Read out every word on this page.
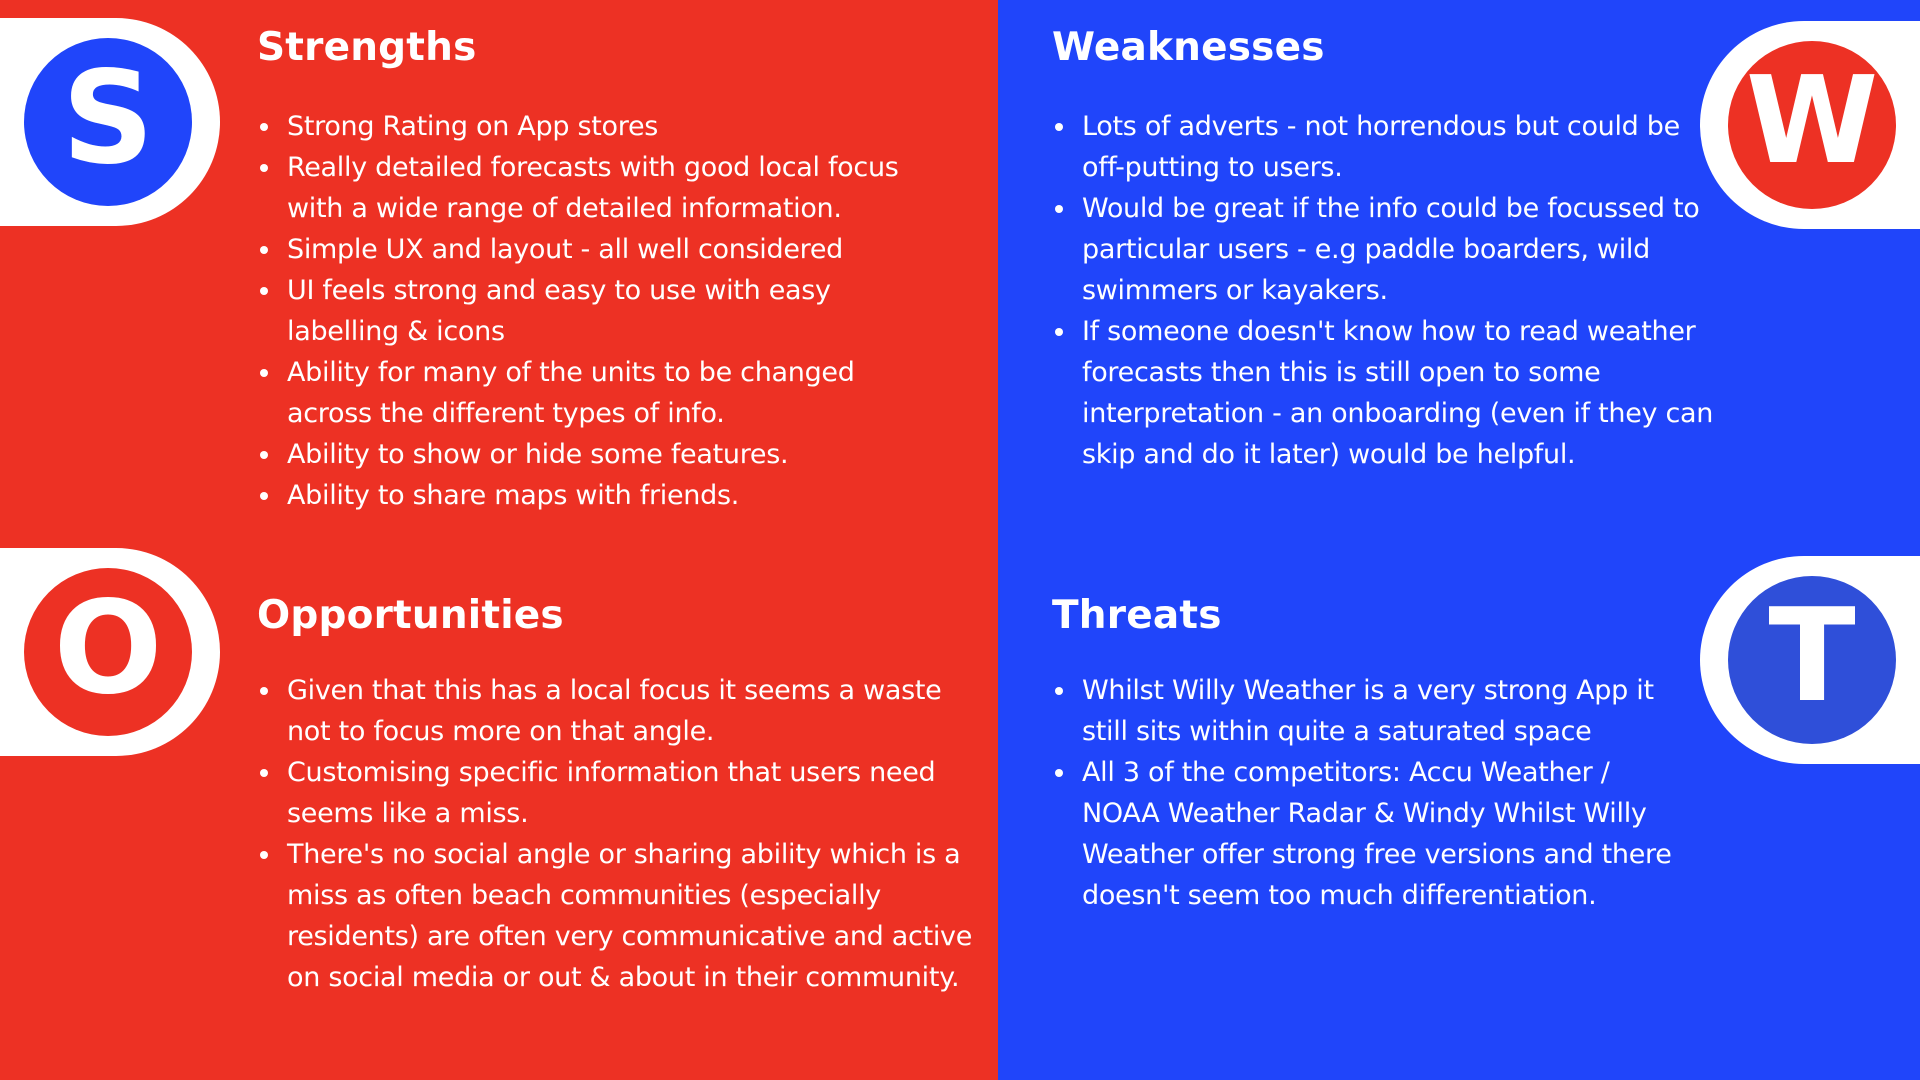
S	W
O	T
Strengths
Strong Rating on App stores
Really detailed forecasts with good local focus with a wide range of detailed information.
Simple UX and layout - all well considered
UI feels strong and easy to use with easy labelling & icons
Ability for many of the units to be changed across the different types of info.
Ability to show or hide some features.
Ability to share maps with friends.
Weaknesses
Lots of adverts - not horrendous but could be off-putting to users.
Would be great if the info could be focussed to particular users - e.g paddle boarders, wild swimmers or kayakers.
If someone doesn't know how to read weather forecasts then this is still open to some interpretation - an onboarding (even if they can skip and do it later) would be helpful.
Opportunities
Given that this has a local focus it seems a waste not to focus more on that angle.
Customising specific information that users need seems like a miss.
There's no social angle or sharing ability which is a miss as often beach communities (especially residents) are often very communicative and active on social media or out & about in their community.
Threats
Whilst Willy Weather is a very strong App it still sits within quite a saturated space
All 3 of the competitors: Accu Weather / NOAA Weather Radar & Windy Whilst Willy Weather offer strong free versions and there doesn't seem too much differentiation.
